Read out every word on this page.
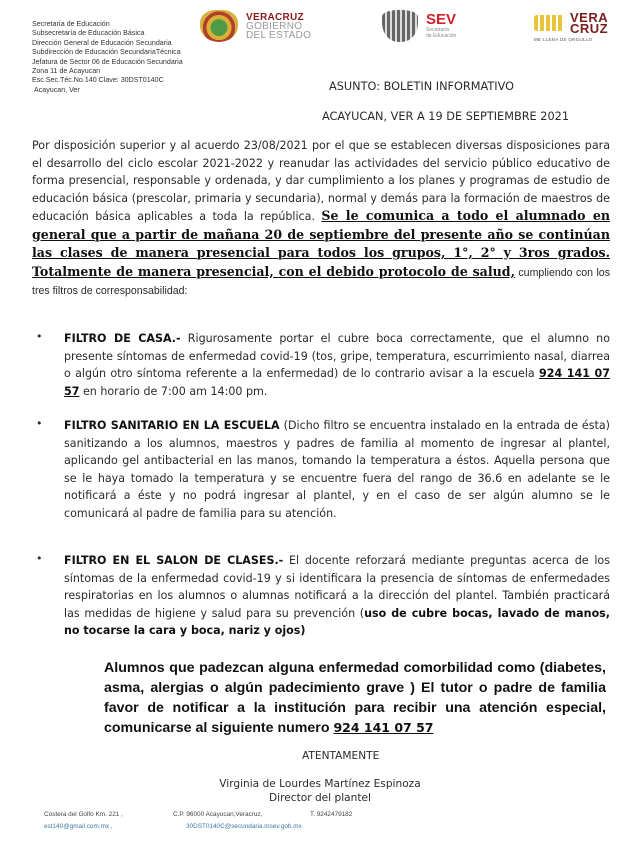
Secretaría de Educación
Subsecretaría de Educación Básica
Dirección General de Educación Secundaria
Subdirección de Educación SecundariaTécnica
Jefatura de Sector 06 de Educación Secundaria
Zona 11 de Acayucan
Esc.Sec.Téc.No.140 Clave: 30DST0140C
Acayucan, Ver
VERACRUZ
GOBIERNO
DEL ESTADO
SEV
Secretaría
de Educación
VERA
CRUZ
ME LLENA DE ORGULLO
ASUNTO: BOLETIN INFORMATIVO
ACAYUCAN, VER A 19 DE SEPTIEMBRE 2021
Por disposición superior y al acuerdo 23/08/2021 por el que se establecen diversas disposiciones para el desarrollo del ciclo escolar 2021-2022 y reanudar las actividades del servicio público educativo de forma presencial, responsable y ordenada, y dar cumplimiento a los planes y programas de estudio de educación básica (prescolar, primaria y secundaria), normal y demás para la formación de maestros de educación básica aplicables a toda la república. Se le comunica a todo el alumnado en general que a partir de mañana 20 de septiembre del presente año se continúan las clases de manera presencial para todos los grupos, 1°, 2° y 3ros grados. Totalmente de manera presencial, con el debido protocolo de salud, cumpliendo con los tres filtros de corresponsabilidad:
• FILTRO DE CASA.- Rigurosamente portar el cubre boca correctamente, que el alumno no presente síntomas de enfermedad covid-19 (tos, gripe, temperatura, escurrimiento nasal, diarrea o algún otro síntoma referente a la enfermedad) de lo contrario avisar a la escuela 924 141 07 57 en horario de 7:00 am 14:00 pm.
• FILTRO SANITARIO EN LA ESCUELA (Dicho filtro se encuentra instalado en la entrada de ésta) sanitizando a los alumnos, maestros y padres de familia al momento de ingresar al plantel, aplicando gel antibacterial en las manos, tomando la temperatura a éstos. Aquella persona que se le haya tomado la temperatura y se encuentre fuera del rango de 36.6 en adelante se le notificará a éste y no podrá ingresar al plantel, y en el caso de ser algún alumno se le comunicará al padre de familia para su atención.
• FILTRO EN EL SALON DE CLASES.- El docente reforzará mediante preguntas acerca de los síntomas de la enfermedad covid-19 y si identificara la presencia de síntomas de enfermedades respiratorias en los alumnos o alumnas notificará a la dirección del plantel. También practicará las medidas de higiene y salud para su prevención (uso de cubre bocas, lavado de manos, no tocarse la cara y boca, nariz y ojos)
Alumnos que padezcan alguna enfermedad comorbilidad como (diabetes, asma, alergias o algún padecimiento grave ) El tutor o padre de familia favor de notificar a la institución para recibir una atención especial, comunicarse al siguiente numero 924 141 07 57
ATENTAMENTE
Virginia de Lourdes Martínez Espinoza
Director del plantel
Costera del Golfo Km. 221 ,	C.P. 96000 Acayucan,Veracruz,	T. 9242479182
est140@gmail.com.mx ,	30DST0140C@secundaria.msev.gob.mx
